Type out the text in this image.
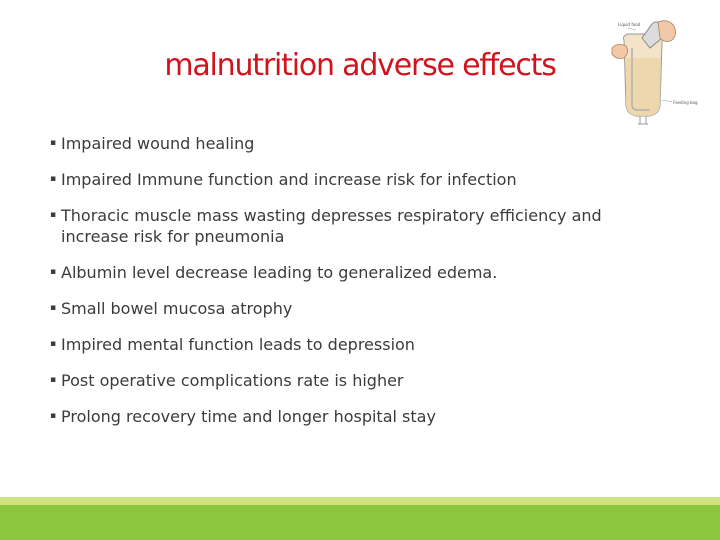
malnutrition adverse effects
Liquid food
Feeding bag
▪ Impaired wound healing
▪ Impaired Immune function and increase risk for infection
▪ Thoracic muscle mass wasting depresses respiratory efficiency and increase risk for pneumonia
▪ Albumin level decrease leading to generalized edema.
▪ Small bowel mucosa atrophy
▪ Impired mental function leads to depression
▪ Post operative complications rate is higher
▪ Prolong recovery time and longer hospital stay
